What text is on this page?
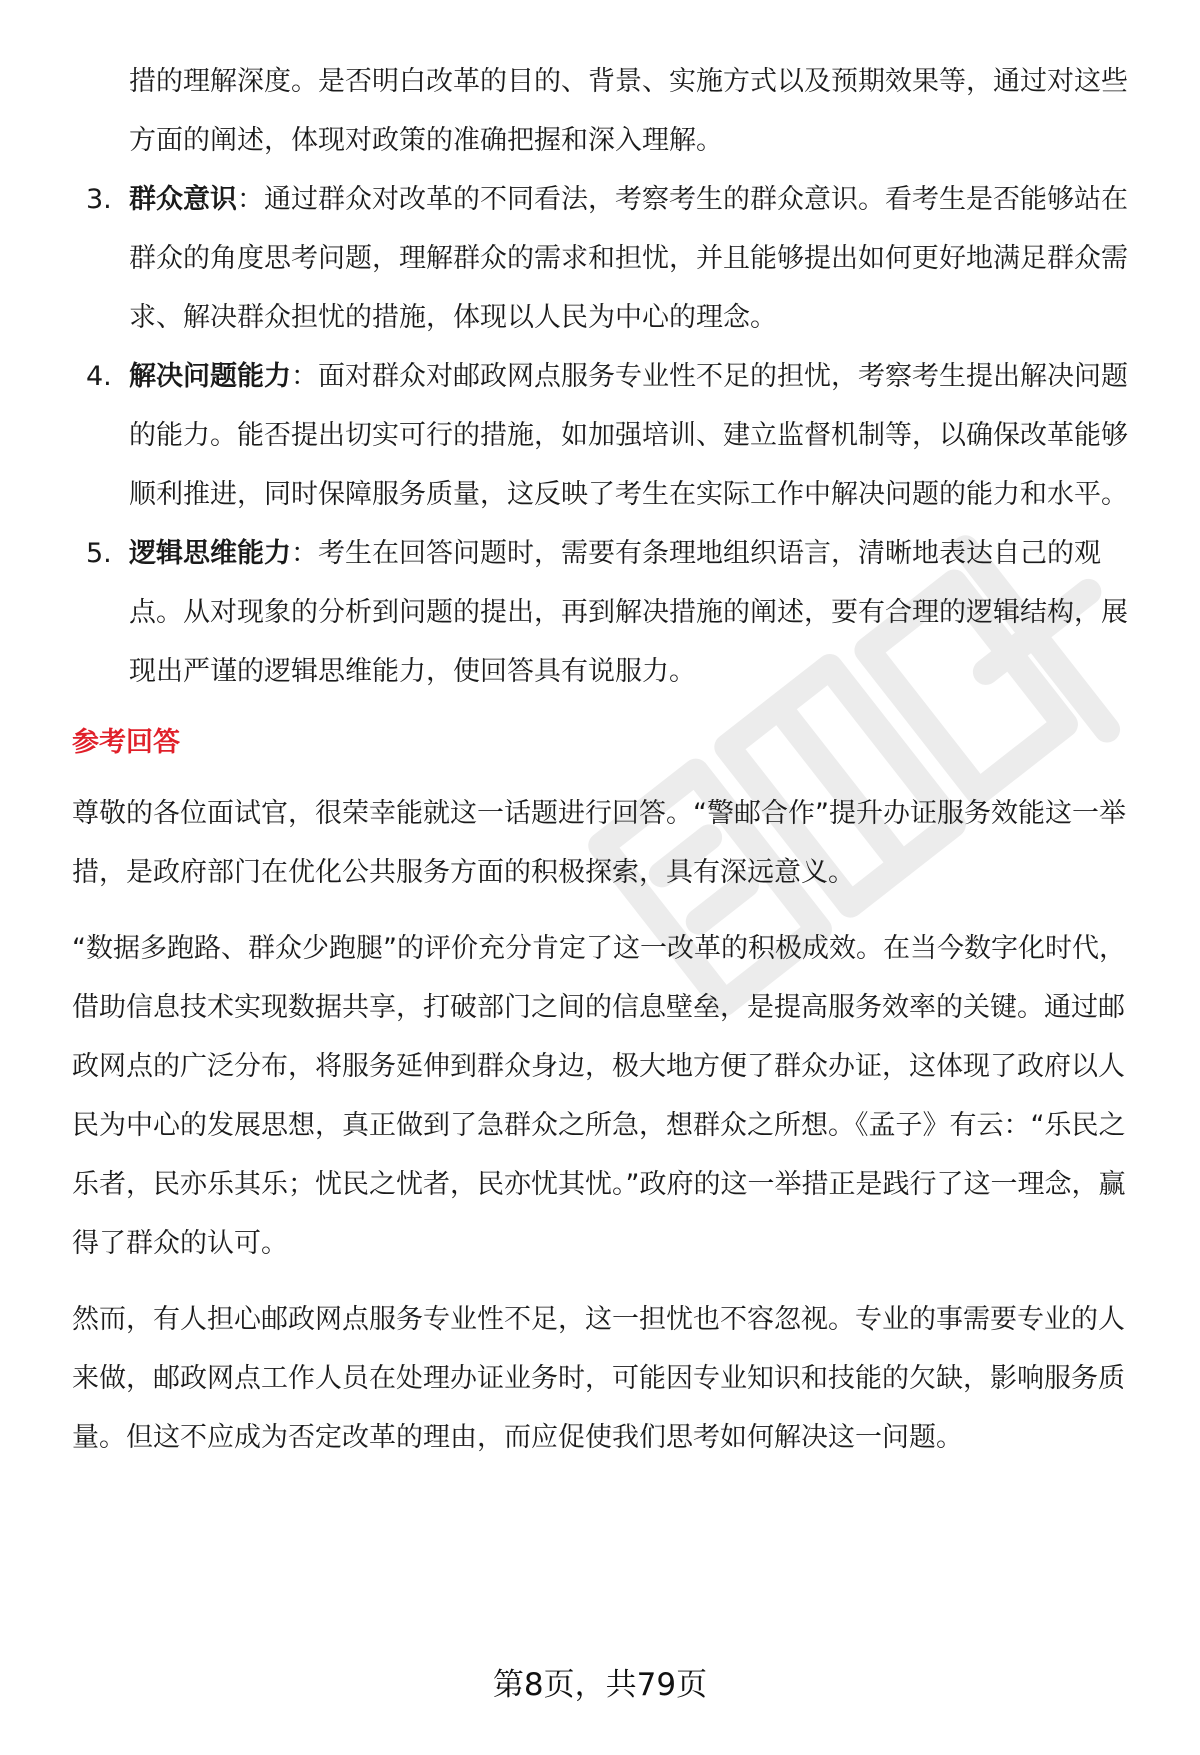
措的理解深度。是否明白改革的目的、背景、实施方式以及预期效果等，通过对这些方面的阐述，体现对政策的准确把握和深入理解。

3. 群众意识：通过群众对改革的不同看法，考察考生的群众意识。看考生是否能够站在群众的角度思考问题，理解群众的需求和担忧，并且能够提出如何更好地满足群众需求、解决群众担忧的措施，体现以人民为中心的理念。

4. 解决问题能力：面对群众对邮政网点服务专业性不足的担忧，考察考生提出解决问题的能力。能否提出切实可行的措施，如加强培训、建立监督机制等，以确保改革能够顺利推进，同时保障服务质量，这反映了考生在实际工作中解决问题的能力和水平。

5. 逻辑思维能力：考生在回答问题时，需要有条理地组织语言，清晰地表达自己的观点。从对现象的分析到问题的提出，再到解决措施的阐述，要有合理的逻辑结构，展现出严谨的逻辑思维能力，使回答具有说服力。

参考回答

尊敬的各位面试官，很荣幸能就这一话题进行回答。“警邮合作”提升办证服务效能这一举措，是政府部门在优化公共服务方面的积极探索，具有深远意义。

“数据多跑路、群众少跑腿”的评价充分肯定了这一改革的积极成效。在当今数字化时代，借助信息技术实现数据共享，打破部门之间的信息壁垒，是提高服务效率的关键。通过邮政网点的广泛分布，将服务延伸到群众身边，极大地方便了群众办证，这体现了政府以人民为中心的发展思想，真正做到了急群众之所急，想群众之所想。《孟子》有云：“乐民之乐者，民亦乐其乐；忧民之忧者，民亦忧其忧。”政府的这一举措正是践行了这一理念，赢得了群众的认可。

然而，有人担心邮政网点服务专业性不足，这一担忧也不容忽视。专业的事需要专业的人来做，邮政网点工作人员在处理办证业务时，可能因专业知识和技能的欠缺，影响服务质量。但这不应成为否定改革的理由，而应促使我们思考如何解决这一问题。

第8页，共79页
